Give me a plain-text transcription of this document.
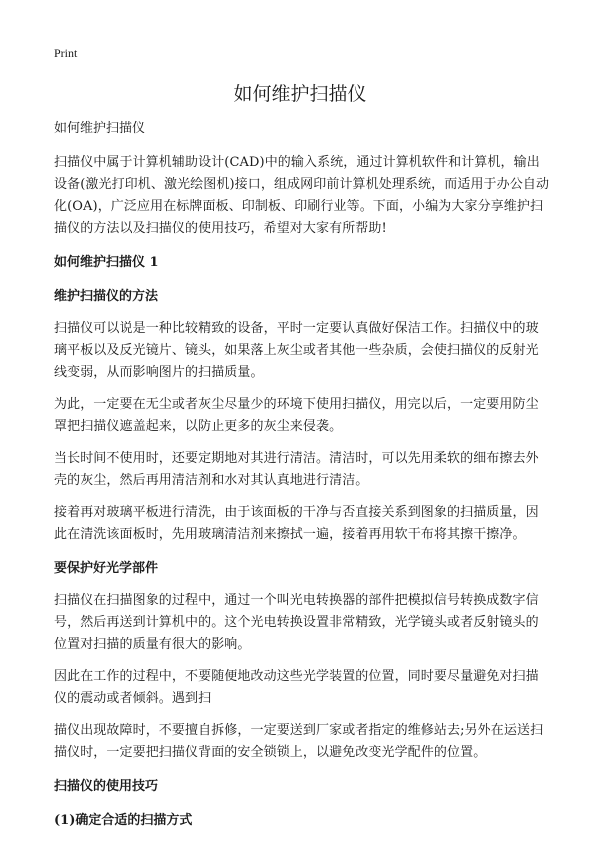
Print
如何维护扫描仪
如何维护扫描仪

扫描仪中属于计算机辅助设计(CAD)中的输入系统，通过计算机软件和计算机，输出设备(激光打印机、激光绘图机)接口，组成网印前计算机处理系统，而适用于办公自动化(OA)，广泛应用在标牌面板、印制板、印刷行业等。下面，小编为大家分享维护扫描仪的方法以及扫描仪的使用技巧，希望对大家有所帮助!

如何维护扫描仪 1
维护扫描仪的方法

扫描仪可以说是一种比较精致的设备，平时一定要认真做好保洁工作。扫描仪中的玻璃平板以及反光镜片、镜头，如果落上灰尘或者其他一些杂质，会使扫描仪的反射光线变弱，从而影响图片的扫描质量。

为此，一定要在无尘或者灰尘尽量少的环境下使用扫描仪，用完以后，一定要用防尘罩把扫描仪遮盖起来，以防止更多的灰尘来侵袭。

当长时间不使用时，还要定期地对其进行清洁。清洁时，可以先用柔软的细布擦去外壳的灰尘，然后再用清洁剂和水对其认真地进行清洁。

接着再对玻璃平板进行清洗，由于该面板的干净与否直接关系到图象的扫描质量，因此在清洗该面板时，先用玻璃清洁剂来擦拭一遍，接着再用软干布将其擦干擦净。

要保护好光学部件

扫描仪在扫描图象的过程中，通过一个叫光电转换器的部件把模拟信号转换成数字信号，然后再送到计算机中的。这个光电转换设置非常精致，光学镜头或者反射镜头的位置对扫描的质量有很大的影响。

因此在工作的过程中，不要随便地改动这些光学装置的位置，同时要尽量避免对扫描仪的震动或者倾斜。遇到扫

描仪出现故障时，不要擅自拆修，一定要送到厂家或者指定的维修站去;另外在运送扫描仪时，一定要把扫描仪背面的安全锁锁上，以避免改变光学配件的位置。

扫描仪的使用技巧
(1)确定合适的扫描方式
